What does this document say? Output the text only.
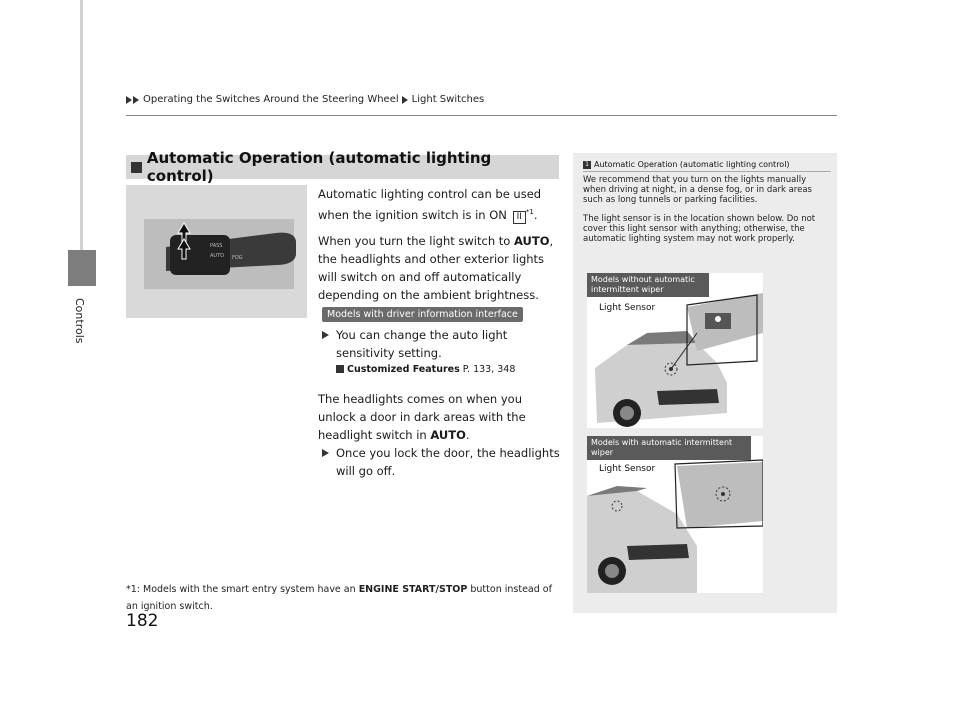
Controls
Operating the Switches Around the Steering Wheel Light Switches
Automatic Operation (automatic lighting control)
PASS
AUTO FOG

Automatic lighting control can be used when the ignition switch is in ON II $^{*1}$.

When you turn the light switch to AUTO, the headlights and other exterior lights will switch on and off automatically depending on the ambient brightness.

Models with driver information interface
You can change the auto light sensitivity setting.
Customized Features P. 133, 348

The headlights comes on when you unlock a door in dark areas with the headlight switch in AUTO.

Once you lock the door, the headlights will go off.
*1: Models with the smart entry system have an ENGINE START/STOP button instead of an ignition switch.
182
1 Automatic Operation (automatic lighting control)

We recommend that you turn on the lights manually when driving at night, in a dense fog, or in dark areas such as long tunnels or parking facilities.

The light sensor is in the location shown below. Do not cover this light sensor with anything; otherwise, the automatic lighting system may not work properly.

Models without automatic intermittent wiper
Light Sensor
Models with automatic intermittent wiper
Light Sensor
